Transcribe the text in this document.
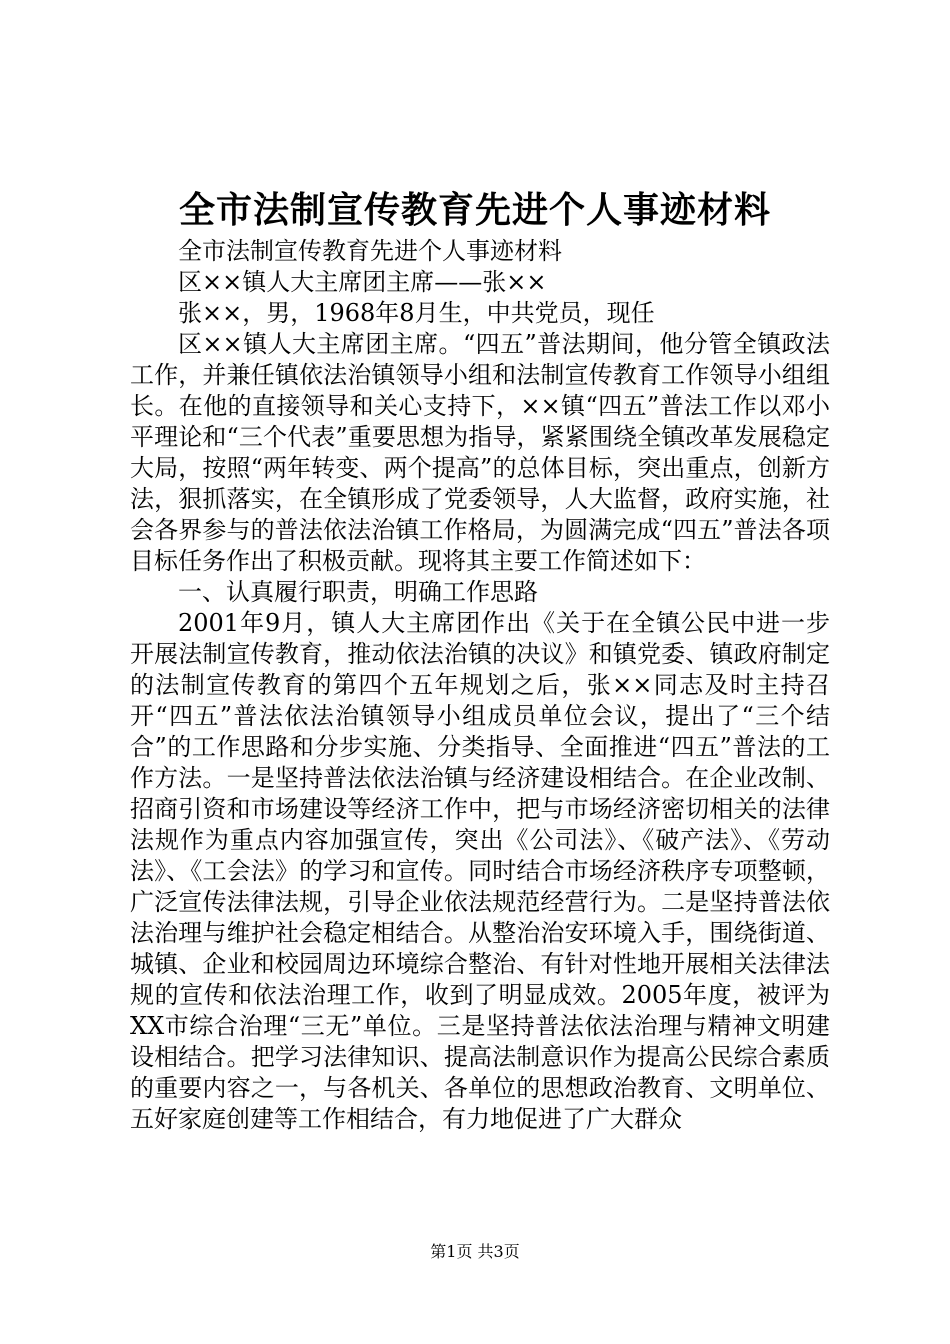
全市法制宣传教育先进个人事迹材料

全市法制宣传教育先进个人事迹材料

区××镇人大主席团主席——张××

张××，男，1968年8月生，中共党员，现任

区××镇人大主席团主席。“四五”普法期间，他分管全镇政法工作，并兼任镇依法治镇领导小组和法制宣传教育工作领导小组组长。在他的直接领导和关心支持下，××镇“四五”普法工作以邓小平理论和“三个代表”重要思想为指导，紧紧围绕全镇改革发展稳定大局，按照“两年转变、两个提高”的总体目标，突出重点，创新方法，狠抓落实，在全镇形成了党委领导，人大监督，政府实施，社会各界参与的普法依法治镇工作格局，为圆满完成“四五”普法各项目标任务作出了积极贡献。现将其主要工作简述如下：

一、认真履行职责，明确工作思路

2001年9月，镇人大主席团作出《关于在全镇公民中进一步开展法制宣传教育，推动依法治镇的决议》和镇党委、镇政府制定的法制宣传教育的第四个五年规划之后，张××同志及时主持召开“四五”普法依法治镇领导小组成员单位会议，提出了“三个结合”的工作思路和分步实施、分类指导、全面推进“四五”普法的工作方法。一是坚持普法依法治镇与经济建设相结合。在企业改制、招商引资和市场建设等经济工作中，把与市场经济密切相关的法律法规作为重点内容加强宣传，突出《公司法》、《破产法》、《劳动法》、《工会法》的学习和宣传。同时结合市场经济秩序专项整顿，广泛宣传法律法规，引导企业依法规范经营行为。二是坚持普法依法治理与维护社会稳定相结合。从整治治安环境入手，围绕街道、城镇、企业和校园周边环境综合整治、有针对性地开展相关法律法规的宣传和依法治理工作，收到了明显成效。2005年度，被评为XX市综合治理“三无”单位。三是坚持普法依法治理与精神文明建设相结合。把学习法律知识、提高法制意识作为提高公民综合素质的重要内容之一，与各机关、各单位的思想政治教育、文明单位、五好家庭创建等工作相结合，有力地促进了广大群众

第1页 共3页
